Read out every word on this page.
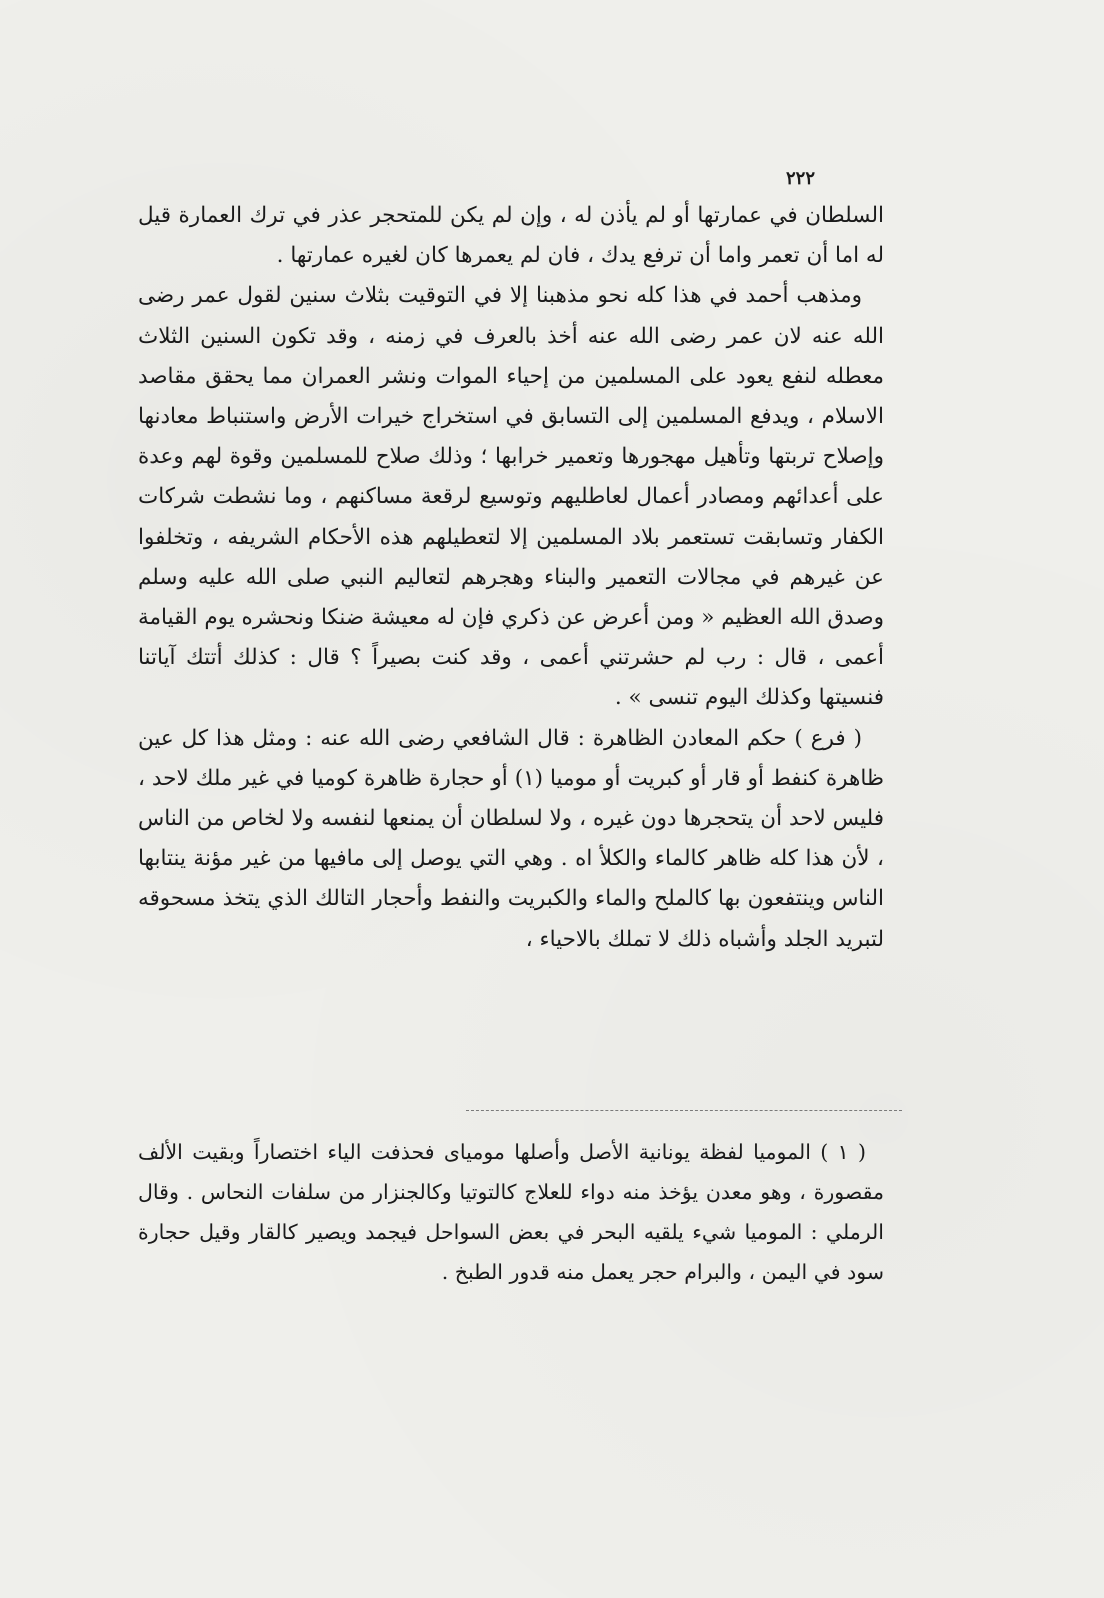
٢٢٢

السلطان في عمارتها أو لم يأذن له ، وإن لم يكن للمتحجر عذر في ترك العمارة قيل له اما أن تعمر واما أن ترفع يدك ، فان لم يعمرها كان لغيره عمارتها .

ومذهب أحمد في هذا كله نحو مذهبنا إلا في التوقيت بثلاث سنين لقول عمر رضى الله عنه لان عمر رضى الله عنه أخذ بالعرف في زمنه ، وقد تكون السنين الثلاث معطله لنفع يعود على المسلمين من إحياء الموات ونشر العمران مما يحقق مقاصد الاسلام ، ويدفع المسلمين إلى التسابق في استخراج خيرات الأرض واستنباط معادنها وإصلاح تربتها وتأهيل مهجورها وتعمير خرابها ؛ وذلك صلاح للمسلمين وقوة لهم وعدة على أعدائهم ومصادر أعمال لعاطليهم وتوسيع لرقعة مساكنهم ، وما نشطت شركات الكفار وتسابقت تستعمر بلاد المسلمين إلا لتعطيلهم هذه الأحكام الشريفه ، وتخلفوا عن غيرهم في مجالات التعمير والبناء وهجرهم لتعاليم النبي صلى الله عليه وسلم وصدق الله العظيم « ومن أعرض عن ذكري فإن له معيشة ضنكا ونحشره يوم القيامة أعمى ، قال : رب لم حشرتني أعمى ، وقد كنت بصيراً ؟ قال : كذلك أتتك آياتنا فنسيتها وكذلك اليوم تنسى » .

( فرع ) حكم المعادن الظاهرة : قال الشافعي رضى الله عنه : ومثل هذا كل عين ظاهرة كنفط أو قار أو كبريت أو موميا (١) أو حجارة ظاهرة كوميا في غير ملك لاحد ، فليس لاحد أن يتحجرها دون غيره ، ولا لسلطان أن يمنعها لنفسه ولا لخاص من الناس ، لأن هذا كله ظاهر كالماء والكلأ اه . وهي التي يوصل إلى مافيها من غير مؤنة ينتابها الناس وينتفعون بها كالملح والماء والكبريت والنفط وأحجار التالك الذي يتخذ مسحوقه لتبريد الجلد وأشباه ذلك لا تملك بالاحياء ،

( ١ ) الموميا لفظة يونانية الأصل وأصلها مومياى فحذفت الياء اختصاراً وبقيت الألف مقصورة ، وهو معدن يؤخذ منه دواء للعلاج كالتوتيا وكالجنزار من سلفات النحاس . وقال الرملي : الموميا شيء يلقيه البحر في بعض السواحل فيجمد ويصير كالقار وقيل حجارة سود في اليمن ، والبرام حجر يعمل منه قدور الطبخ .
